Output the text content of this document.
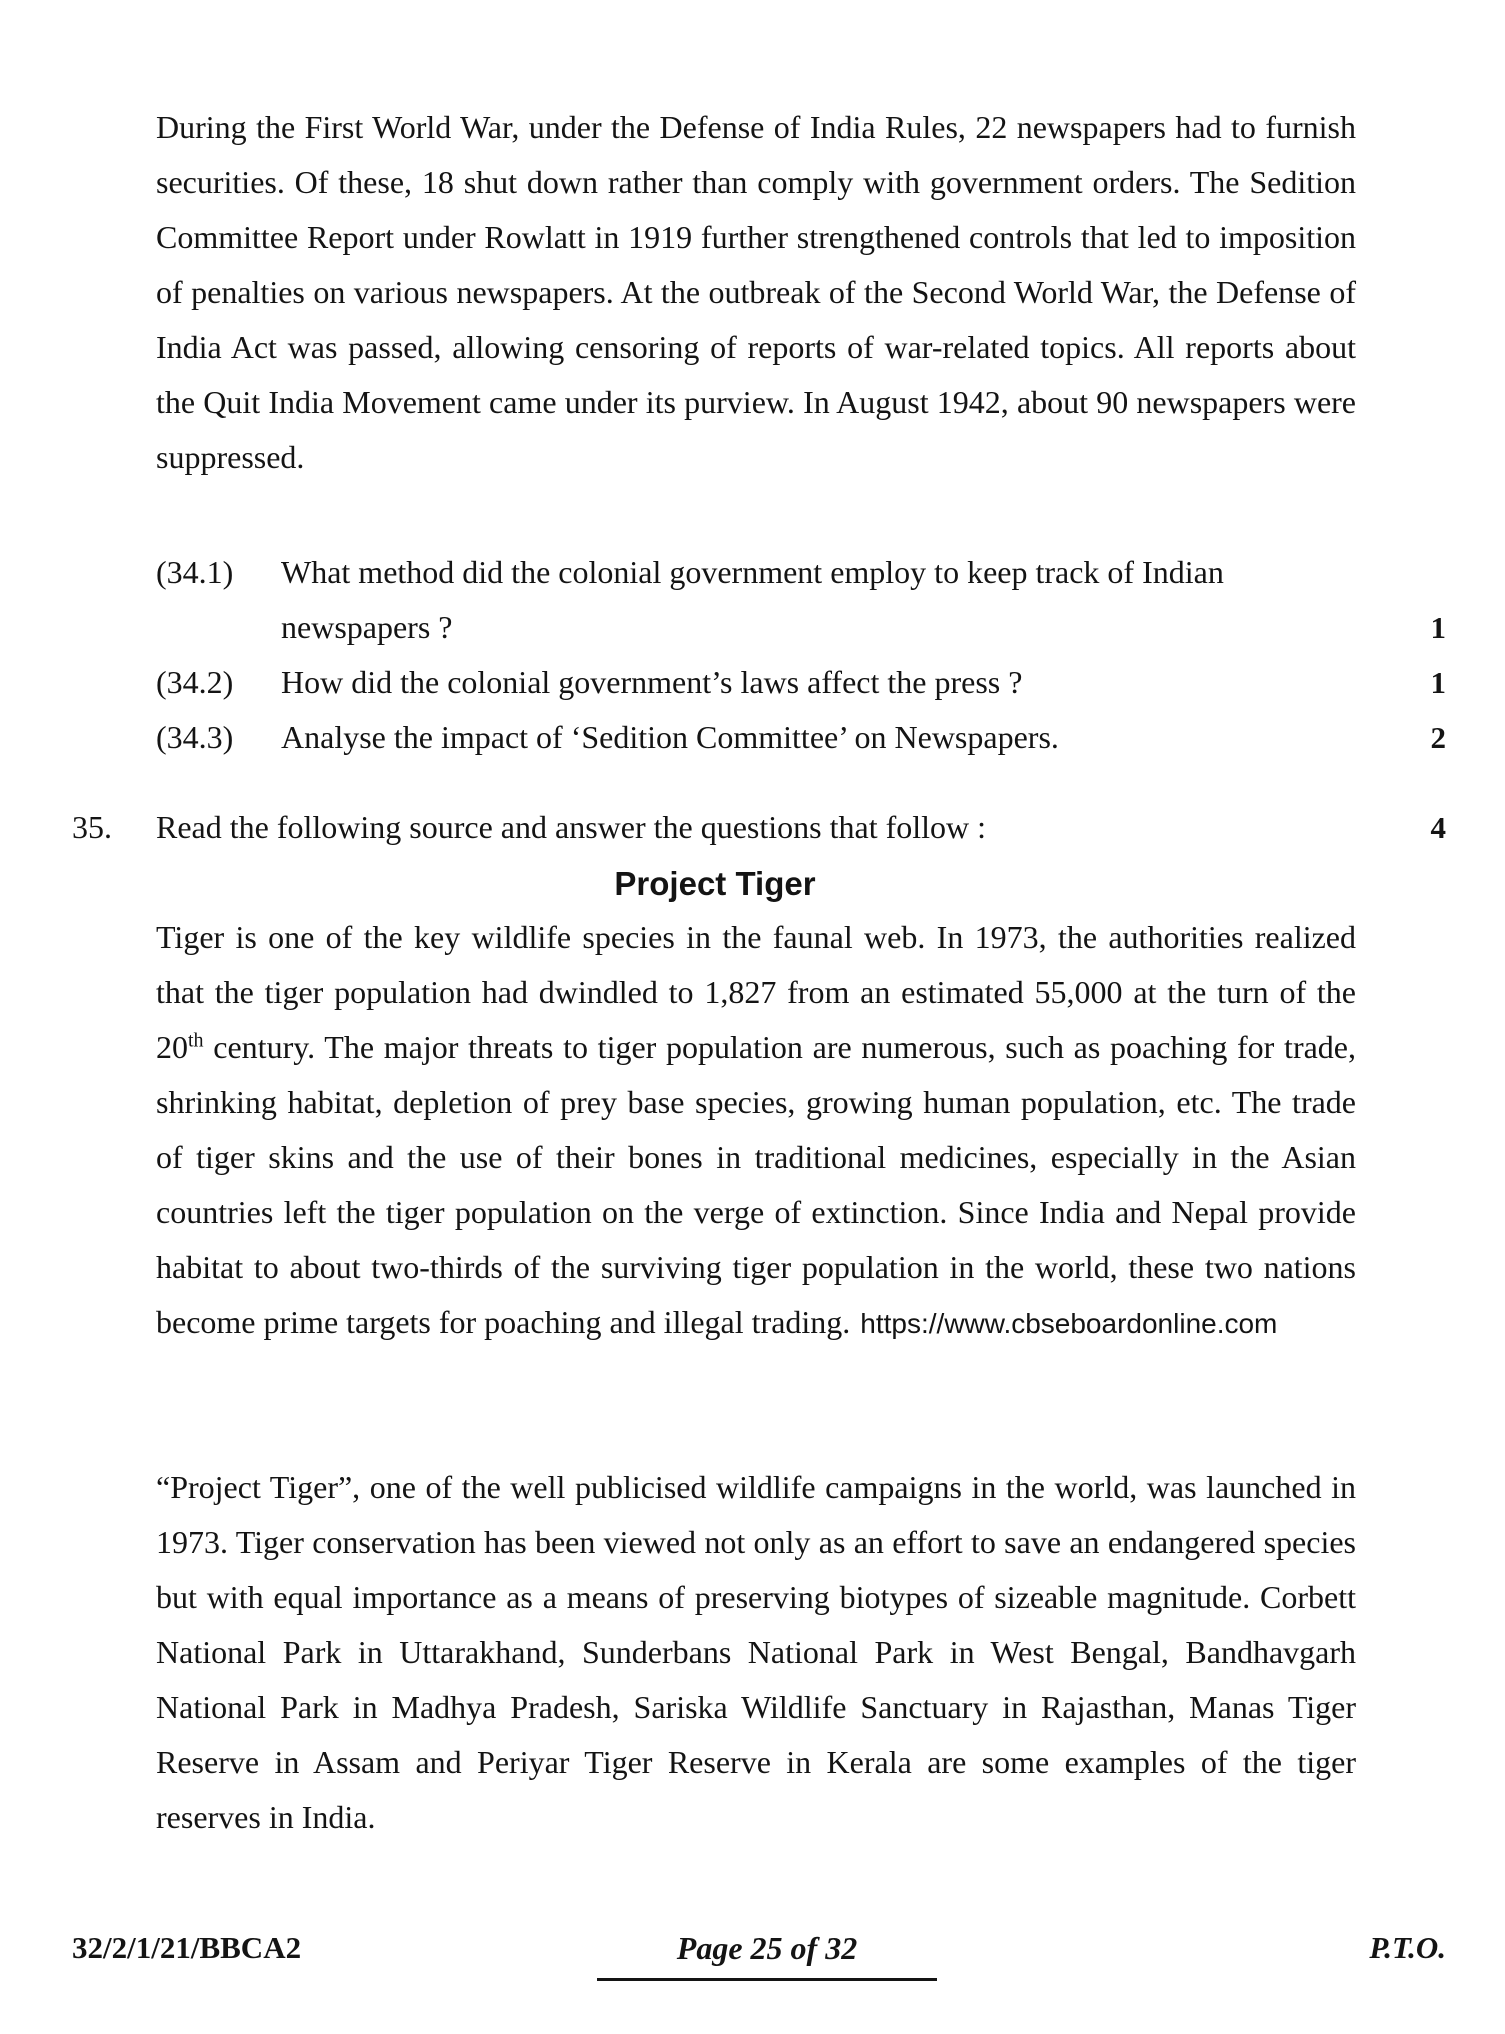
During the First World War, under the Defense of India Rules, 22 newspapers had to furnish securities. Of these, 18 shut down rather than comply with government orders. The Sedition Committee Report under Rowlatt in 1919 further strengthened controls that led to imposition of penalties on various newspapers. At the outbreak of the Second World War, the Defense of India Act was passed, allowing censoring of reports of war-related topics. All reports about the Quit India Movement came under its purview. In August 1942, about 90 newspapers were suppressed.

(34.1) What method did the colonial government employ to keep track of Indian newspapers ?	1
(34.2) How did the colonial government’s laws affect the press ?	1
(34.3) Analyse the impact of ‘Sedition Committee’ on Newspapers.	2
35. Read the following source and answer the questions that follow :	4
Project Tiger

Tiger is one of the key wildlife species in the faunal web. In 1973, the authorities realized that the tiger population had dwindled to 1,827 from an estimated 55,000 at the turn of the 20th century. The major threats to tiger population are numerous, such as poaching for trade, shrinking habitat, depletion of prey base species, growing human population, etc. The trade of tiger skins and the use of their bones in traditional medicines, especially in the Asian countries left the tiger population on the verge of extinction. Since India and Nepal provide habitat to about two-thirds of the surviving tiger population in the world, these two nations become prime targets for poaching and illegal trading. https://www.cbseboardonline.com

“Project Tiger”, one of the well publicised wildlife campaigns in the world, was launched in 1973. Tiger conservation has been viewed not only as an effort to save an endangered species but with equal importance as a means of preserving biotypes of sizeable magnitude. Corbett National Park in Uttarakhand, Sunderbans National Park in West Bengal, Bandhavgarh National Park in Madhya Pradesh, Sariska Wildlife Sanctuary in Rajasthan, Manas Tiger Reserve in Assam and Periyar Tiger Reserve in Kerala are some examples of the tiger reserves in India.

32/2/1/21/BBCA2	Page 25 of 32	P.T.O.
